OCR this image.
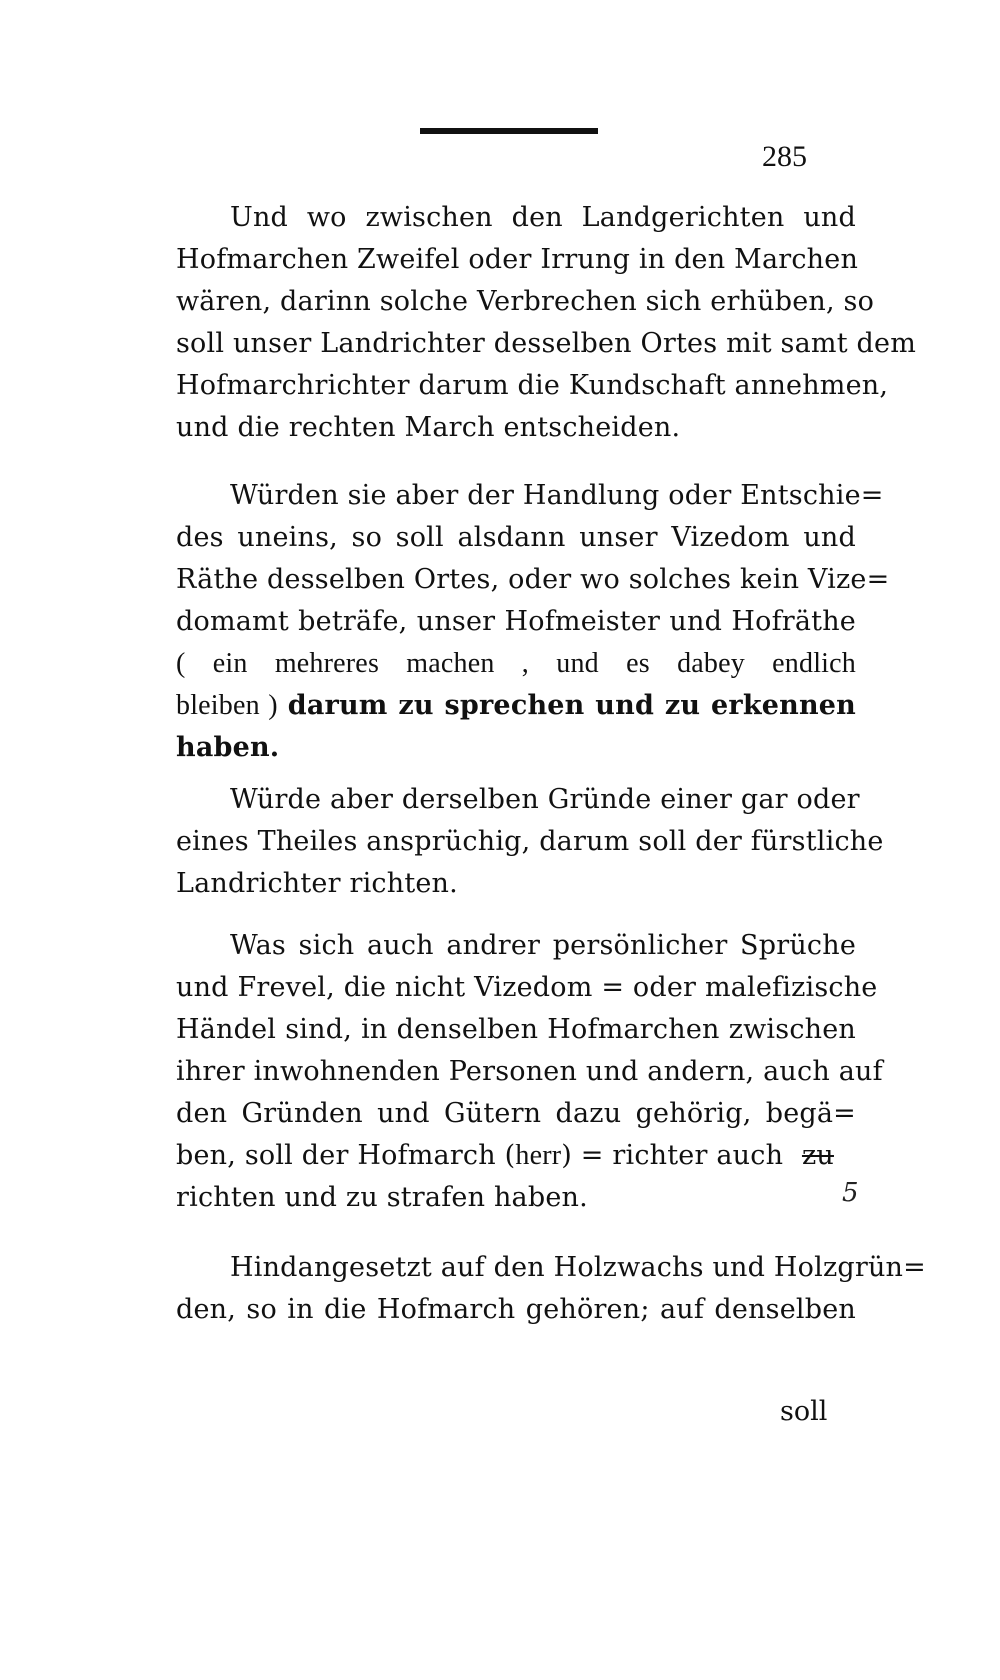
285
Und wo zwischen den Landgerichten und
Hofmarchen Zweifel oder Irrung in den Marchen
wären, darinn solche Verbrechen sich erhüben, so
soll unser Landrichter desselben Ortes mit samt dem
Hofmarchrichter darum die Kundschaft annehmen,
und die rechten March entscheiden.
Würden sie aber der Handlung oder Entschie=
des uneins, so soll alsdann unser Vizedom und
Räthe desselben Ortes, oder wo solches kein Vize=
domamt beträfe, unser Hofmeister und Hofräthe
( ein mehreres machen , und es dabey endlich
bleiben ) darum zu sprechen und zu erkennen
haben.
Würde aber derselben Gründe einer gar oder
eines Theiles ansprüchig, darum soll der fürstliche
Landrichter richten.
Was sich auch andrer persönlicher Sprüche
und Frevel, die nicht Vizedom = oder malefizische
Händel sind, in denselben Hofmarchen zwischen
ihrer inwohnenden Personen und andern, auch auf
den Gründen und Gütern dazu gehörig, begä=
ben, soll der Hofmarch (herr) = richter auch zu
richten und zu strafen haben.
Hindangesetzt auf den Holzwachs und Holzgrün=
den, so in die Hofmarch gehören; auf denselben
soll
5
